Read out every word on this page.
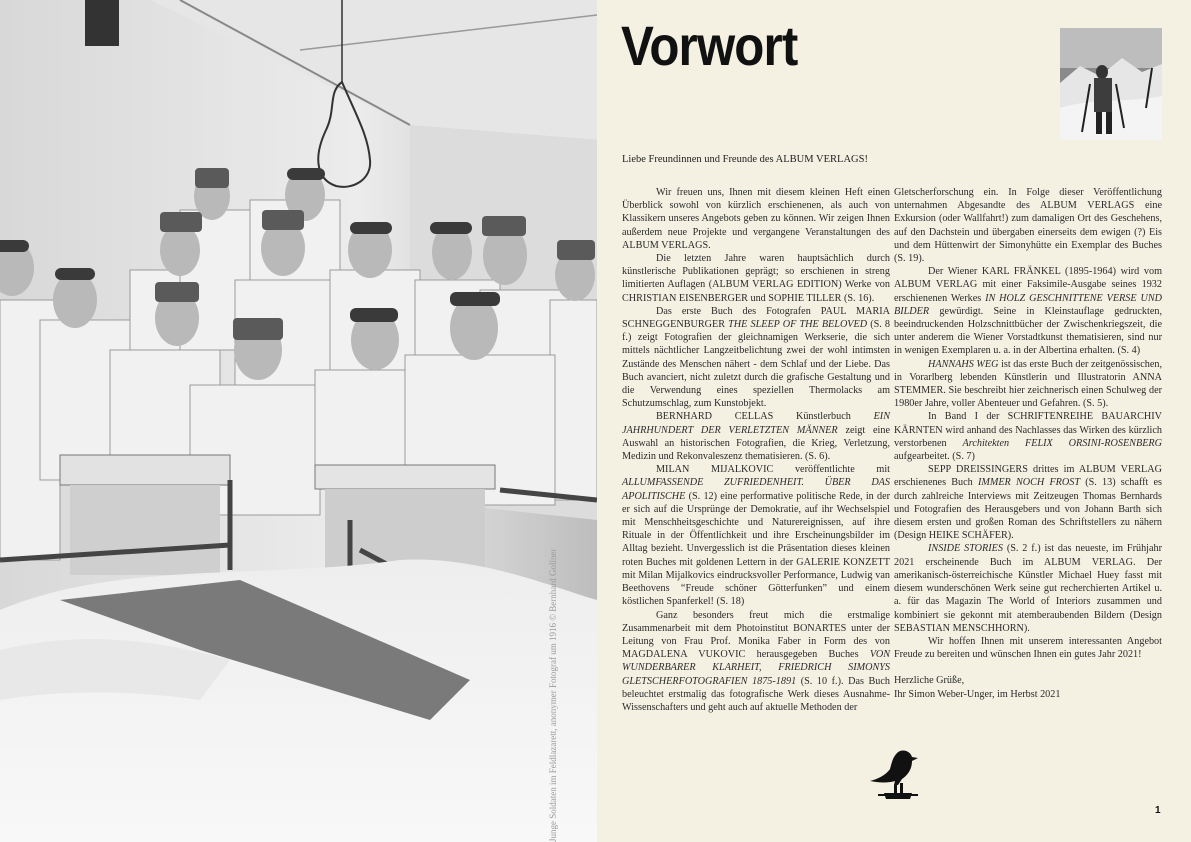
Junge Soldaten im Feldlazarett, anonymer Fotograf um 1916 © Bernhard Gollner
Vorwort

Liebe Freundinnen und Freunde des ALBUM VERLAGS!

Wir freuen uns, Ihnen mit diesem kleinen Heft einen Überblick sowohl von kürzlich erschienenen, als auch von Klassikern unseres Angebots geben zu können. Wir zeigen Ihnen außerdem neue Projekte und vergangene Veranstaltungen des ALBUM VERLAGS.

Die letzten Jahre waren hauptsächlich durch künstlerische Publikationen geprägt; so erschienen in streng limitierten Auflagen (ALBUM VERLAG EDITION) Werke von CHRISTIAN EISENBERGER und SOPHIE TILLER (S. 16).

Das erste Buch des Fotografen PAUL MARIA SCHNEGGENBURGER THE SLEEP OF THE BELOVED (S. 8 f.) zeigt Fotografien der gleichnamigen Werkserie, die sich mittels nächtlicher Langzeitbelichtung zwei der wohl intimsten Zustände des Menschen nähert - dem Schlaf und der Liebe. Das Buch avanciert, nicht zuletzt durch die grafische Gestaltung und die Verwendung eines speziellen Thermolacks am Schutzumschlag, zum Kunstobjekt.

BERNHARD CELLAS Künstlerbuch EIN JAHRHUNDERT DER VERLETZTEN MÄNNER zeigt eine Auswahl an historischen Fotografien, die Krieg, Verletzung, Medizin und Rekonvaleszenz thematisieren. (S. 6).

MILAN MIJALKOVIC veröffentlichte mit ALLUMFASSENDE ZUFRIEDENHEIT. ÜBER DAS APOLITISCHE (S. 12) eine performative politische Rede, in der er sich auf die Ursprünge der Demokratie, auf ihr Wechselspiel mit Menschheitsgeschichte und Naturereignissen, auf ihre Rituale in der Öffentlichkeit und ihre Erscheinungsbilder im Alltag bezieht. Unvergesslich ist die Präsentation dieses kleinen roten Buches mit goldenen Lettern in der GALERIE KONZETT mit Milan Mijalkovics eindrucksvoller Performance, Ludwig van Beethovens “Freude schöner Götterfunken” und einem köstlichen Spanferkel! (S. 18)

Ganz besonders freut mich die erstmalige Zusammenarbeit mit dem Photoinstitut BONARTES unter der Leitung von Frau Prof. Monika Faber in Form des von MAGDALENA VUKOVIC herausgegeben Buches VON WUNDERBARER KLARHEIT, FRIEDRICH SIMONYS GLETSCHERFOTOGRAFIEN 1875-1891 (S. 10 f.). Das Buch beleuchtet erstmalig das fotografische Werk dieses Ausnahme-Wissenschafters und geht auch auf aktuelle Methoden der

Gletscherforschung ein. In Folge dieser Veröffentlichung unternahmen Abgesandte des ALBUM VERLAGS eine Exkursion (oder Wallfahrt!) zum damaligen Ort des Geschehens, auf den Dachstein und übergaben einerseits dem ewigen (?) Eis und dem Hüttenwirt der Simonyhütte ein Exemplar des Buches (S. 19).

Der Wiener KARL FRÄNKEL (1895-1964) wird vom ALBUM VERLAG mit einer Faksimile-Ausgabe seines 1932 erschienenen Werkes IN HOLZ GESCHNITTENE VERSE UND BILDER gewürdigt. Seine in Kleinstauflage gedruckten, beeindruckenden Holzschnittbücher der Zwischenkriegszeit, die unter anderem die Wiener Vorstadtkunst thematisieren, sind nur in wenigen Exemplaren u. a. in der Albertina erhalten. (S. 4)

HANNAHS WEG ist das erste Buch der zeitgenössischen, in Vorarlberg lebenden Künstlerin und Illustratorin ANNA STEMMER. Sie beschreibt hier zeichnerisch einen Schulweg der 1980er Jahre, voller Abenteuer und Gefahren. (S. 5).

In Band I der SCHRIFTENREIHE BAUARCHIV KÄRNTEN wird anhand des Nachlasses das Wirken des kürzlich verstorbenen Architekten FELIX ORSINI-ROSENBERG aufgearbeitet. (S. 7)

SEPP DREISSINGERS drittes im ALBUM VERLAG erschienenes Buch IMMER NOCH FROST (S. 13) schafft es durch zahlreiche Interviews mit Zeitzeugen Thomas Bernhards und Fotografien des Herausgebers und von Johann Barth sich diesem ersten und großen Roman des Schriftstellers zu nähern (Design HEIKE SCHÄFER).

INSIDE STORIES (S. 2 f.) ist das neueste, im Frühjahr 2021 erscheinende Buch im ALBUM VERLAG. Der amerikanisch-österreichische Künstler Michael Huey fasst mit diesem wunderschönen Werk seine gut recherchierten Artikel u. a. für das Magazin The World of Interiors zusammen und kombiniert sie gekonnt mit atemberaubenden Bildern (Design SEBASTIAN MENSCHHORN).

Wir hoffen Ihnen mit unserem interessanten Angebot Freude zu bereiten und wünschen Ihnen ein gutes Jahr 2021!

Herzliche Grüße,

Ihr Simon Weber-Unger, im Herbst 2021

1
